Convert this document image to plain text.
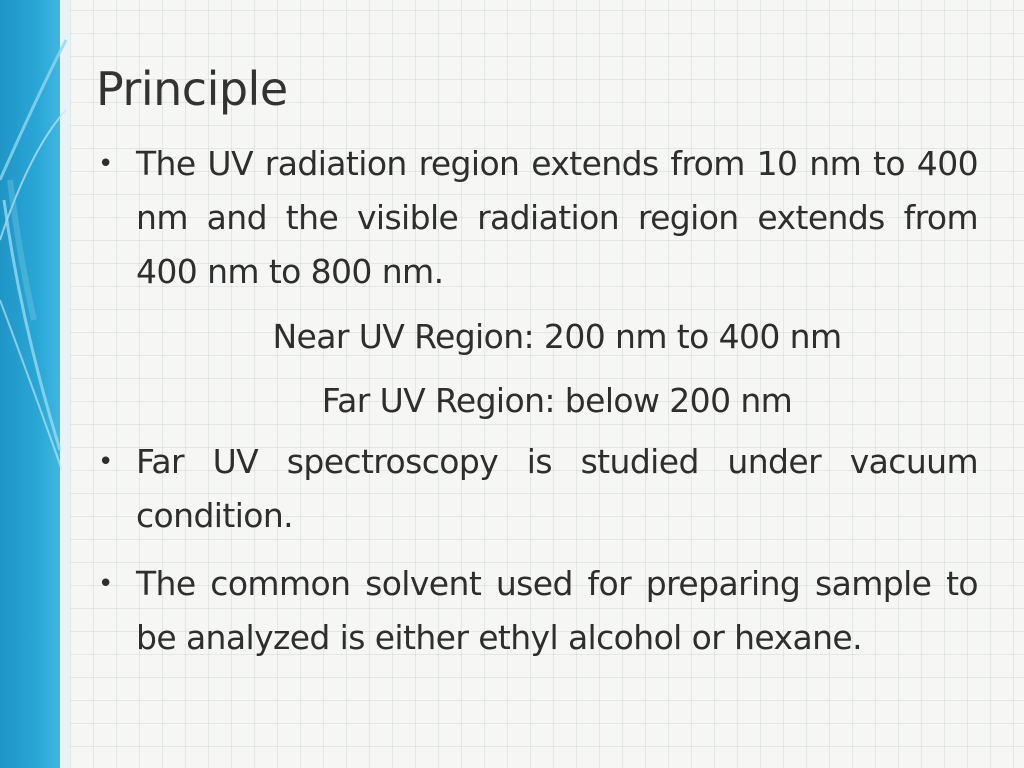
Principle
• The UV radiation region extends from 10 nm to 400 nm and the visible radiation region extends from 400 nm to 800 nm.
Near UV Region: 200 nm to 400 nm
Far UV Region: below 200 nm
• Far UV spectroscopy is studied under vacuum condition.
• The common solvent used for preparing sample to be analyzed is either ethyl alcohol or hexane.
